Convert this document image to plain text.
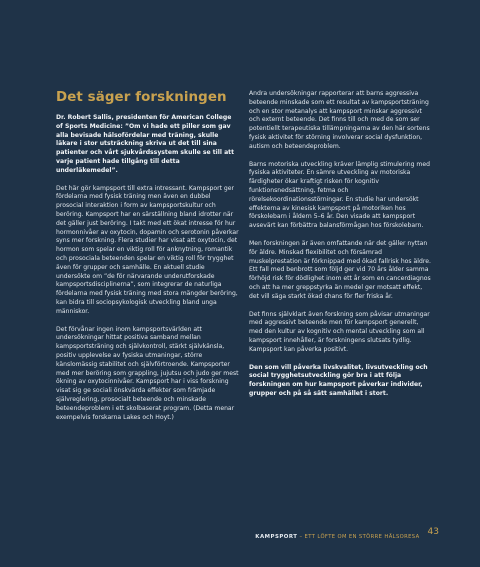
Det säger forskningen

Dr. Robert Sallis, presidenten för American College of Sports Medicine: ”Om vi hade ett piller som gav alla bevisade hälsofördelar med träning, skulle läkare i stor utsträckning skriva ut det till sina patienter och vårt sjukvårdssystem skulle se till att varje patient hade tillgång till detta underläkemedel”.

Det här gör kampsport till extra intressant. Kampsport ger fördelarna med fysisk träning men även en dubbel prosocial interaktion i form av kampsportskultur och beröring. Kampsport har en särställning bland idrotter när det gäller just beröring. I takt med ett ökat intresse för hur hormonnivåer av oxytocin, dopamin och serotonin påverkar syns mer forskning. Flera studier har visat att oxytocin, det hormon som spelar en viktig roll för anknytning, romantik och prosociala beteenden spelar en viktig roll för trygghet även för grupper och samhälle. En aktuell studie undersökte om ”de för närvarande underutforskade kampsportsdisciplinerna”, som integrerar de naturliga fördelarna med fysisk träning med stora mängder beröring, kan bidra till sociopsykologisk utveckling bland unga människor.

Det förvånar ingen inom kampsportsvärlden att undersökningar hittat positiva samband mellan kampsportsträning och självkontroll, stärkt självkänsla, positiv upplevelse av fysiska utmaningar, större känslomässig stabilitet och självförtroende. Kampsporter med mer beröring som grappling, jujutsu och judo ger mest ökning av oxytocinnivåer. Kampsport har i viss forskning visat sig ge sociali önskvärda effekter som främjade självreglering, prosocialt beteende och minskade beteendeproblem i ett skolbaserat program. (Detta menar exempelvis forskarna Lakes och Hoyt.)

Andra undersökningar rapporterar att barns aggressiva beteende minskade som ett resultat av kampsportsträning och en stor metanalys att kampsport minskar aggressivt och externt beteende. Det finns till och med de som ser potentiellt terapeutiska tillämpningarna av den här sortens fysisk aktivitet för störning involverar social dysfunktion, autism och beteendeproblem.

Barns motoriska utveckling kräver lämplig stimulering med fysiska aktiviteter. En sämre utveckling av motoriska färdigheter ökar kraftigt risken för kognitiv funktionsnedsättning, fetma och rörelsekoordinationsstörningar. En studie har undersökt effekterna av kinesisk kampsport på motoriken hos förskolebarn i åldern 5–6 år. Den visade att kampsport avsevärt kan förbättra balansförmågan hos förskolebarn.

Men forskningen är även omfattande när det gäller nyttan för äldre. Minskad flexibilitet och försämrad muskelprestation är förknippad med ökad fallrisk hos äldre. Ett fall med benbrott som följd ger vid 70 års ålder samma förhöjd risk för dödlighet inom ett år som en cancerdiagnos och att ha mer greppstyrka än medel ger motsatt effekt, det vill säga starkt ökad chans för fler friska år.

Det finns självklart även forskning som påvisar utmaningar med aggressivt beteende men för kampsport generellt, med den kultur av kognitiv och mental utveckling som all kampsport innehåller, är forskningens slutsats tydlig. Kampsport kan påverka positivt.

Den som vill påverka livskvalitet, livsutveckling och social trygghetsutveckling gör bra i att följa forskningen om hur kampsport påverkar individer, grupper och på så sätt samhället i stort.

KAMPSPORT – ETT LÖFTE OM EN STÖRRE HÄLSORESA 43
